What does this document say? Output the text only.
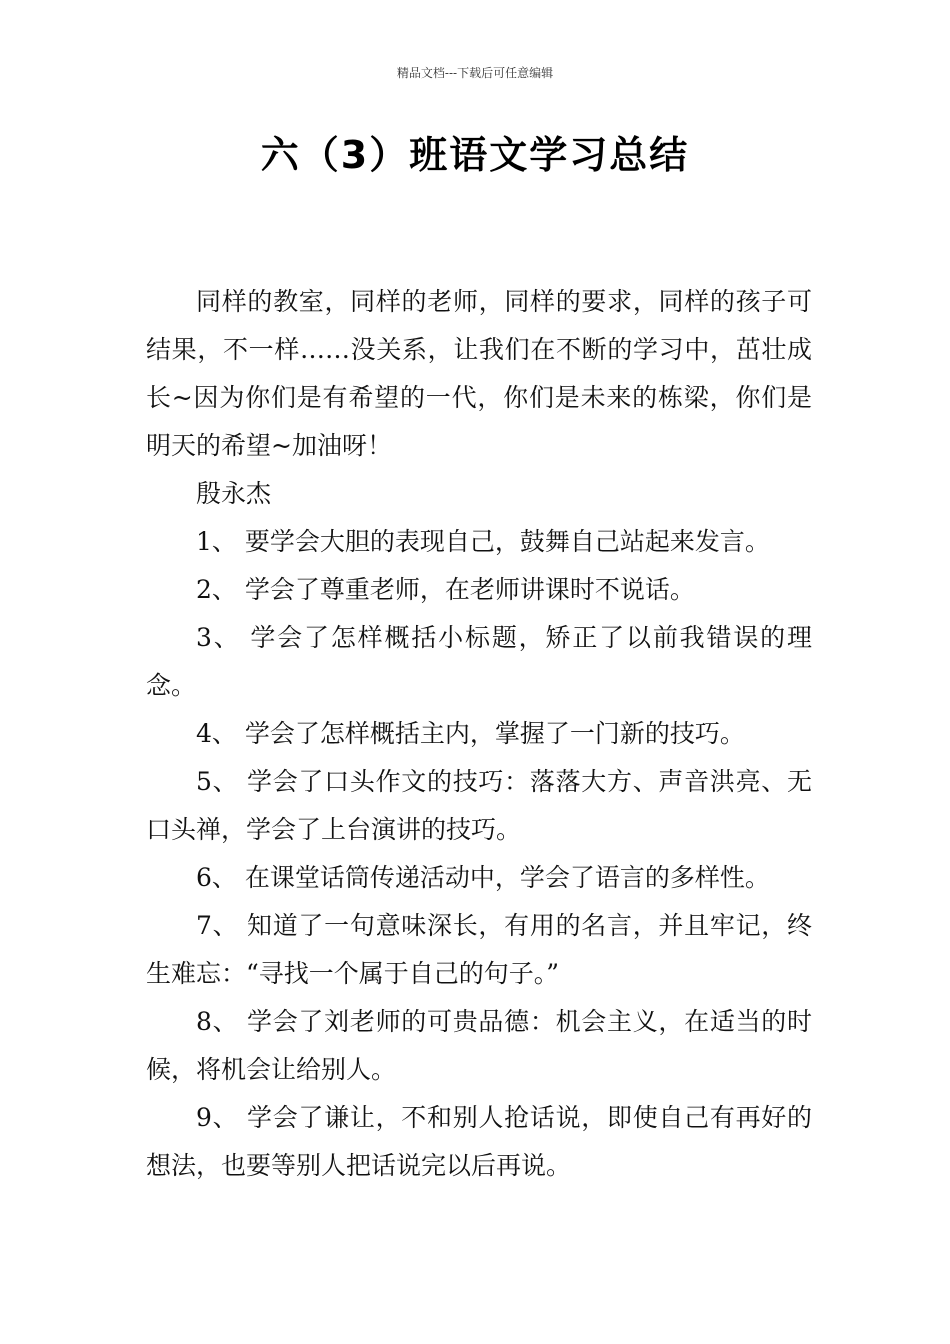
精品文档---下载后可任意编辑
六（3）班语文学习总结

同样的教室，同样的老师，同样的要求，同样的孩子可结果，不一样……没关系，让我们在不断的学习中，茁壮成长~因为你们是有希望的一代，你们是未来的栋梁，你们是明天的希望~加油呀！

殷永杰

1、 要学会大胆的表现自己，鼓舞自己站起来发言。

2、 学会了尊重老师，在老师讲课时不说话。

3、 学会了怎样概括小标题，矫正了以前我错误的理念。

4、 学会了怎样概括主内，掌握了一门新的技巧。

5、 学会了口头作文的技巧：落落大方、声音洪亮、无口头禅，学会了上台演讲的技巧。

6、 在课堂话筒传递活动中，学会了语言的多样性。

7、 知道了一句意味深长，有用的名言，并且牢记，终生难忘：“寻找一个属于自己的句子。”

8、 学会了刘老师的可贵品德：机会主义，在适当的时候，将机会让给别人。

9、 学会了谦让，不和别人抢话说，即使自己有再好的想法，也要等别人把话说完以后再说。
